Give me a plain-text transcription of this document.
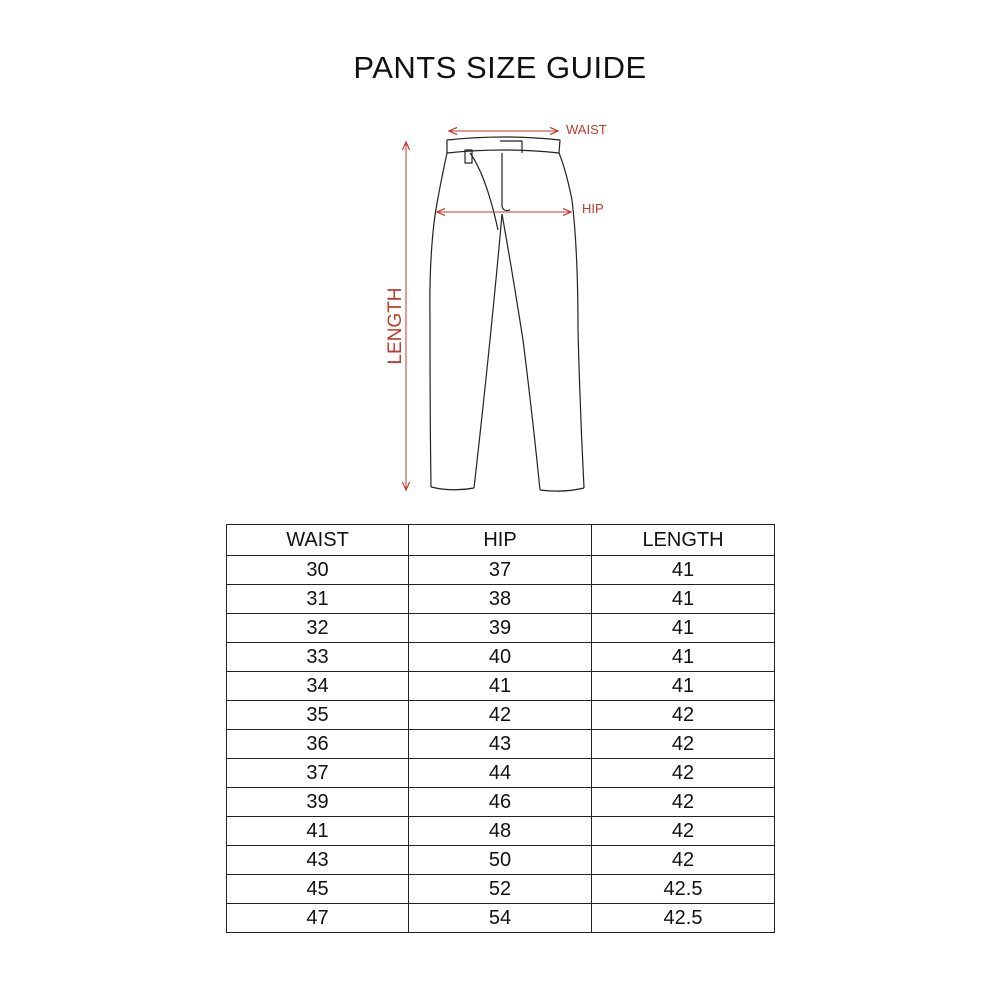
PANTS SIZE GUIDE
WAIST
HIP
LENGTH
WAIST	HIP	LENGTH
30	37	41
31	38	41
32	39	41
33	40	41
34	41	41
35	42	42
36	43	42
37	44	42
39	46	42
41	48	42
43	50	42
45	52	42.5
47	54	42.5
